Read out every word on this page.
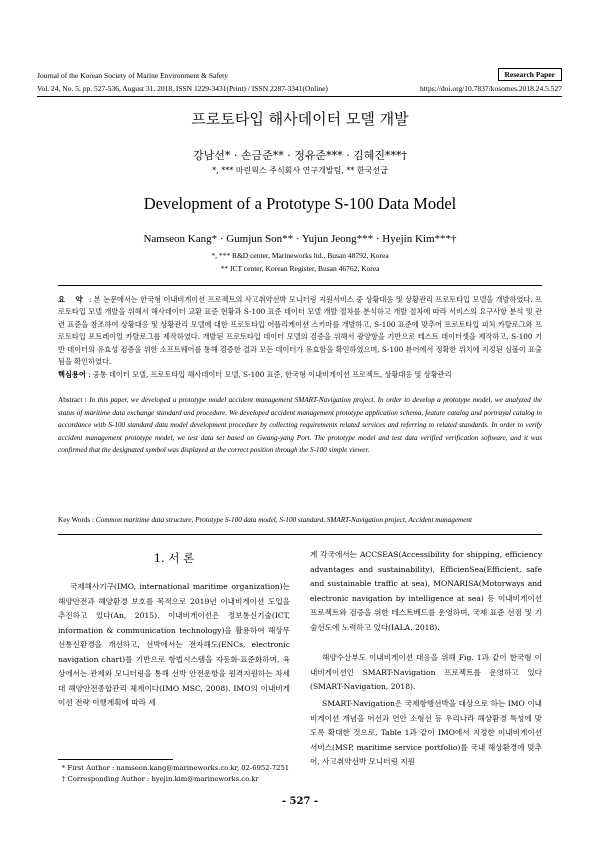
Journal of the Korean Society of Marine Environment & Safety	Research Paper
Vol. 24, No. 5, pp. 527-536, August 31, 2018, ISSN 1229-3431(Print) / ISSN 2287-3341(Online)	https://doi.org/10.7837/kosomes.2018.24.5.527
프로토타입 해사데이터 모델 개발
강남선* · 손금준** · 정유준*** · 김혜진***†
*, *** 마린웍스 주식회사 연구개발팀, ** 한국선급
Development of a Prototype S-100 Data Model
Namseon Kang* · Gumjun Son** · Yujun Jeong*** · Hyejin Kim***†
*, *** R&D center, Marineworks ltd., Busan 48792, Korea
** ICT center, Korean Register, Busan 46762, Korea
요 약 : 본 논문에서는 한국형 이내비게이션 프로젝트의 사고취약선박 모니터링 지원서비스 중 상황대응 및 상황관리 프로토타입 모델을 개발하였다. 프로토타입 모델 개발을 위해서 해사데이터 교환 표준 현황과 S-100 표준 데이터 모델 개발 절차를 분석하고 개발 절차에 따라 서비스의 요구사항 분석 및 관련 표준을 참조하여 상황대응 및 상황관리 모델에 대한 프로토타입 어플리케이션 스키마를 개발하고, S-100 표준에 맞추어 프로토타입 피처 카탈로그와 프로토타입 포트레이얼 카탈로그를 제작하였다. 개발된 프로토타입 데이터 모델의 검증을 위해서 광양항을 기반으로 테스트 데이터셋을 제작하고, S-100 기반 데이터의 유효성 검증을 위한 소프트웨어를 통해 검증한 결과 모든 데이터가 유효함을 확인하였으며, S-100 뷰어에서 정확한 위치에 지정된 심볼이 표출됨을 확인하였다.
핵심용어 : 공통 데이터 모델, 프로토타입 해사데이터 모델, S-100 표준, 한국형 이내비게이션 프로젝트, 상황대응 및 상황관리
Abstract : In this paper, we developed a prototype model accident management SMART-Navigation project. In order to develop a prototype model, we analyzed the status of maritime data exchange standard and procedure. We developed accident management prototype application schema, feature catalog and portrayal catalog in accordance with S-100 standard data model development procedure by collecting requirements related services and referring to related standards. In order to verify accident management prototype model, we test data set based on Gwang-yang Port. The prototype model and test data verified verification software, and it was confirmed that the designated symbol was displayed at the correct position through the S-100 simple viewer.
Key Words : Common maritime data structure, Prototype S-100 data model, S-100 standard, SMART-Navigation project, Accident management
1. 서 론
국제해사기구(IMO, international maritime organization)는 해양안전과 해양환경 보호를 목적으로 2019년 이내비게이션 도입을 추진하고 있다(An, 2015). 이내비게이션은 정보통신기술(ICT, information & communication technology)을 활용하여 해상무선통신환경을 개선하고, 선박에서는 전자해도(ENCs, electronic navigation chart)를 기반으로 항법시스템을 자동화·표준화하며, 육상에서는 관제와 모니터링을 통해 선박 안전운항을 원격지원하는 차세대 해양안전종합관리 체계이다(IMO MSC, 2008). IMO의 이내비게이션 전략 이행계획에 따라 세
* First Author : namseon.kang@marineworks.co.kr, 02-6952-7251
† Corresponding Author : hyejin.kim@marineworks.co.kr
계 각국에서는 ACCSEAS(Accessibility for shipping, efficiency advantages and sustainability), EfficienSea(Efficient, safe and sustainable traffic at sea), MONARISA(Motorways and electronic navigation by intelligence at sea) 등 이내비게이션 프로젝트와 검증을 위한 테스트베드를 운영하며, 국제 표준 선점 및 기술선도에 노력하고 있다(IALA, 2018).
해양수산부도 이내비게이션 대응을 위해 Fig. 1과 같이 한국형 이내비게이션인 SMART-Navigation 프로젝트를 운영하고 있다(SMART-Navigation, 2018).
SMART-Navigation은 국제항행선박을 대상으로 하는 IMO 이내비게이션 개념을 어선과 연안 소형선 등 우리나라 해상환경 특성에 맞도록 확대한 것으로, Table 1과 같이 IMO에서 지정한 이내비게이션 서비스(MSP, maritime service portfolio)를 국내 해상환경에 맞추어, 사고취약선박 모니터링 지원
- 527 -
